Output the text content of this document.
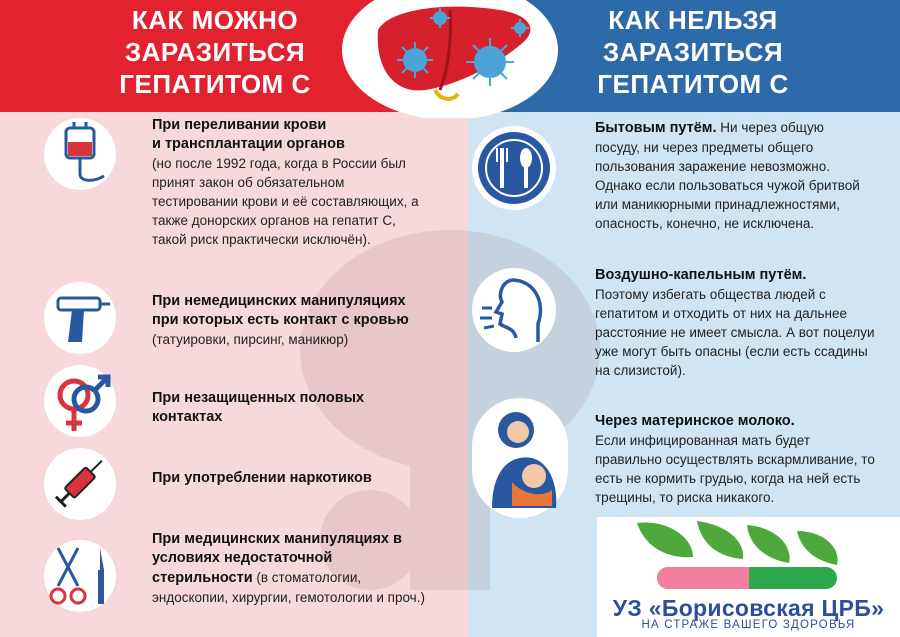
КАК МОЖНО
ЗАРАЗИТЬСЯ
ГЕПАТИТОМ С
КАК НЕЛЬЗЯ
ЗАРАЗИТЬСЯ
ГЕПАТИТОМ С
При переливании крови
и трансплантации органов
(но после 1992 года, когда в России был
принят закон об обязательном
тестировании крови и её составляющих, а
также донорских органов на гепатит С,
такой риск практически исключён).
При немедицинских манипуляциях
при которых есть контакт с кровью
(татуировки, пирсинг, маникюр)
При незащищенных половых
контактах
При употреблении наркотиков
При медицинских манипуляциях в
условиях недостаточной
стерильности (в стоматологии,
эндоскопии, хирургии, гемотологии и проч.)
Бытовым путём. Ни через общую
посуду, ни через предметы общего
пользования заражение невозможно.
Однако если пользоваться чужой бритвой
или маникюрными принадлежностями,
опасность, конечно, не исключена.
Воздушно-капельным путём.
Поэтому избегать общества людей с
гепатитом и отходить от них на дальнее
расстояние не имеет смысла. А вот поцелуи
уже могут быть опасны (если есть ссадины
на слизистой).
Через материнское молоко.
Если инфицированная мать будет
правильно осуществлять вскармливание, то
есть не кормить грудью, когда на ней есть
трещины, то риска никакого.
УЗ «Борисовская ЦРБ»
НА СТРАЖЕ ВАШЕГО ЗДОРОВЬЯ
